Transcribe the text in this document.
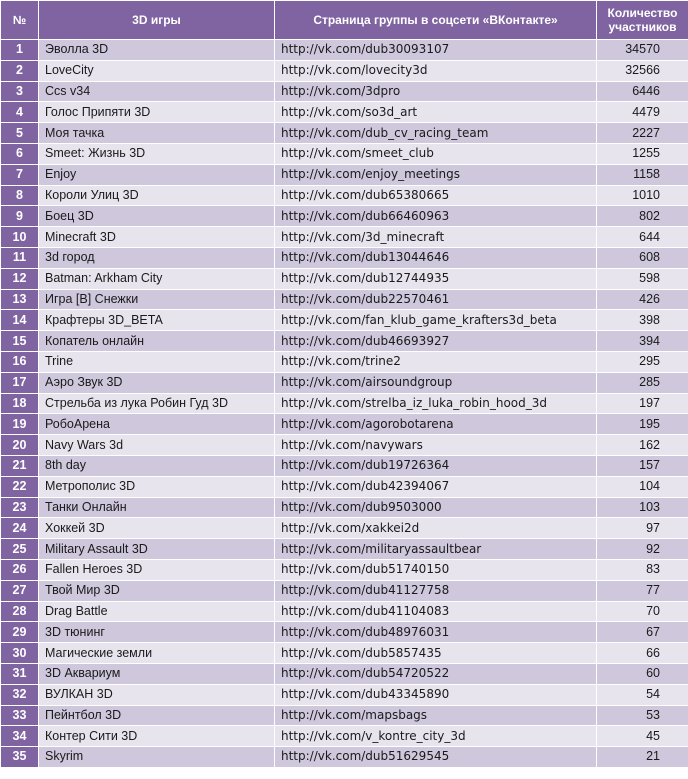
№	3D игры	Страница группы в соцсети «ВКонтакте»	Количество участников
1	Эволла 3D	http://vk.com/dub30093107	34570
2	LoveCity	http://vk.com/lovecity3d	32566
3	Ccs v34	http://vk.com/3dpro	6446
4	Голос Припяти 3D	http://vk.com/so3d_art	4479
5	Моя тачка	http://vk.com/dub_cv_racing_team	2227
6	Smeet: Жизнь 3D	http://vk.com/smeet_club	1255
7	Enjoy	http://vk.com/enjoy_meetings	1158
8	Короли Улиц 3D	http://vk.com/dub65380665	1010
9	Боец 3D	http://vk.com/dub66460963	802
10	Minecraft 3D	http://vk.com/3d_minecraft	644
11	3d город	http://vk.com/dub13044646	608
12	Batman: Arkham City	http://vk.com/dub12744935	598
13	Игра [B] Снежки	http://vk.com/dub22570461	426
14	Крафтеры 3D_BETA	http://vk.com/fan_klub_game_krafters3d_beta	398
15	Копатель онлайн	http://vk.com/dub46693927	394
16	Trine	http://vk.com/trine2	295
17	Аэро Звук 3D	http://vk.com/airsoundgroup	285
18	Стрельба из лука Робин Гуд 3D	http://vk.com/strelba_iz_luka_robin_hood_3d	197
19	РобоАрена	http://vk.com/agorobotarena	195
20	Navy Wars 3d	http://vk.com/navywars	162
21	8th day	http://vk.com/dub19726364	157
22	Метрополис 3D	http://vk.com/dub42394067	104
23	Танки Онлайн	http://vk.com/dub9503000	103
24	Хоккей 3D	http://vk.com/xakkei2d	97
25	Military Assault 3D	http://vk.com/militaryassaultbear	92
26	Fallen Heroes 3D	http://vk.com/dub51740150	83
27	Твой Мир 3D	http://vk.com/dub41127758	77
28	Drag Battle	http://vk.com/dub41104083	70
29	3D тюнинг	http://vk.com/dub48976031	67
30	Магические земли	http://vk.com/dub5857435	66
31	3D Аквариум	http://vk.com/dub54720522	60
32	ВУЛКАН 3D	http://vk.com/dub43345890	54
33	Пейнтбол 3D	http://vk.com/mapsbags	53
34	Контер Сити 3D	http://vk.com/v_kontre_city_3d	45
35	Skyrim	http://vk.com/dub51629545	21
